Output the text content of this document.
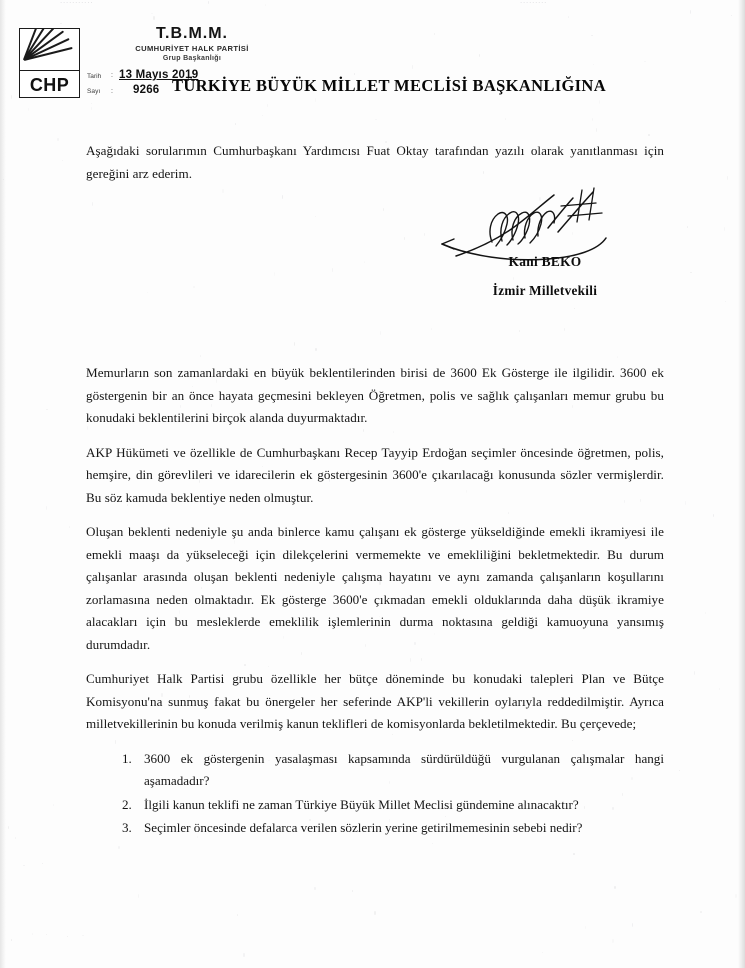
...........	.........
CHP
T.B.M.M.
CUMHURİYET HALK PARTİSİ
Grup Başkanlığı
Tarih	: 13 Mayıs 2019
Sayı	:	9266 TÜRKİYE BÜYÜK MİLLET MECLİSİ BAŞKANLIĞINA

Aşağıdaki sorularımın Cumhurbaşkanı Yardımcısı Fuat Oktay tarafından yazılı olarak yanıtlanması için gereğini arz ederim.

Kani BEKO
İzmir Milletvekili

Memurların son zamanlardaki en büyük beklentilerinden birisi de 3600 Ek Gösterge ile ilgilidir. 3600 ek göstergenin bir an önce hayata geçmesini bekleyen Öğretmen, polis ve sağlık çalışanları memur grubu bu konudaki beklentilerini birçok alanda duyurmaktadır.

AKP Hükümeti ve özellikle de Cumhurbaşkanı Recep Tayyip Erdoğan seçimler öncesinde öğretmen, polis, hemşire, din görevlileri ve idarecilerin ek göstergesinin 3600'e çıkarılacağı konusunda sözler vermişlerdir. Bu söz kamuda beklentiye neden olmuştur.

Oluşan beklenti nedeniyle şu anda binlerce kamu çalışanı ek gösterge yükseldiğinde emekli ikramiyesi ile emekli maaşı da yükseleceği için dilekçelerini vermemekte ve emekliliğini bekletmektedir. Bu durum çalışanlar arasında oluşan beklenti nedeniyle çalışma hayatını ve aynı zamanda çalışanların koşullarını zorlamasına neden olmaktadır. Ek gösterge 3600'e çıkmadan emekli olduklarında daha düşük ikramiye alacakları için bu mesleklerde emeklilik işlemlerinin durma noktasına geldiği kamuoyuna yansımış durumdadır.

Cumhuriyet Halk Partisi grubu özellikle her bütçe döneminde bu konudaki talepleri Plan ve Bütçe Komisyonu'na sunmuş fakat bu önergeler her seferinde AKP'li vekillerin oylarıyla reddedilmiştir. Ayrıca milletvekillerinin bu konuda verilmiş kanun teklifleri de komisyonlarda bekletilmektedir. Bu çerçevede;

3600 ek göstergenin yasalaşması kapsamında sürdürüldüğü vurgulanan çalışmalar hangi aşamadadır?
İlgili kanun teklifi ne zaman Türkiye Büyük Millet Meclisi gündemine alınacaktır?
Seçimler öncesinde defalarca verilen sözlerin yerine getirilmemesinin sebebi nedir?
